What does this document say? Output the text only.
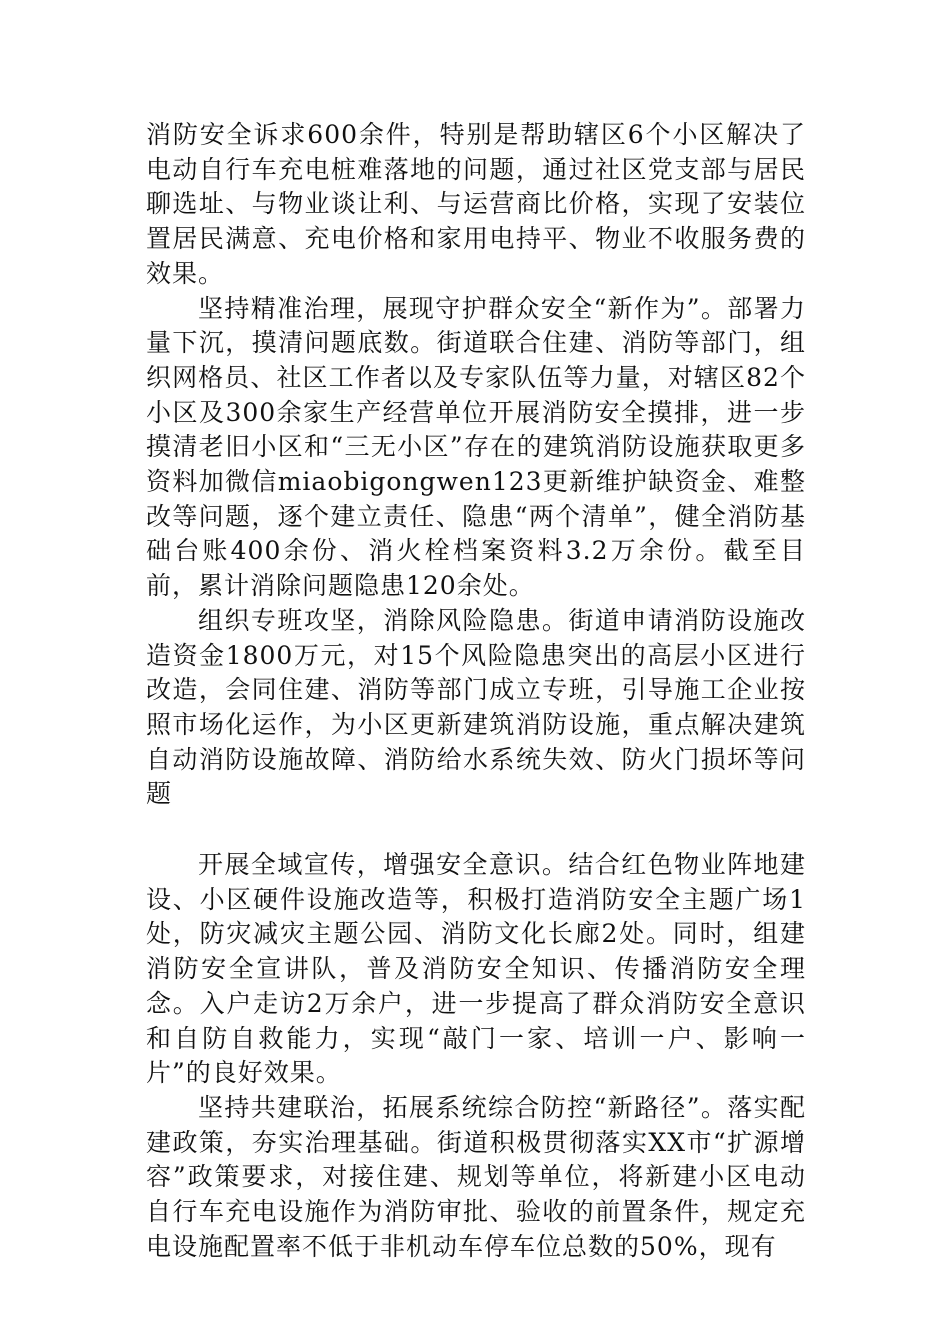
消防安全诉求600余件，特别是帮助辖区6个小区解决了电动自行车充电桩难落地的问题，通过社区党支部与居民聊选址、与物业谈让利、与运营商比价格，实现了安装位置居民满意、充电价格和家用电持平、物业不收服务费的效果。

坚持精准治理，展现守护群众安全“新作为”。部署力量下沉，摸清问题底数。街道联合住建、消防等部门，组织网格员、社区工作者以及专家队伍等力量，对辖区82个小区及300余家生产经营单位开展消防安全摸排，进一步摸清老旧小区和“三无小区”存在的建筑消防设施获取更多资料加微信miaobigongwen123更新维护缺资金、难整改等问题，逐个建立责任、隐患“两个清单”，健全消防基础台账400余份、消火栓档案资料3.2万余份。截至目前，累计消除问题隐患120余处。

组织专班攻坚，消除风险隐患。街道申请消防设施改造资金1800万元，对15个风险隐患突出的高层小区进行改造，会同住建、消防等部门成立专班，引导施工企业按照市场化运作，为小区更新建筑消防设施，重点解决建筑自动消防设施故障、消防给水系统失效、防火门损坏等问题

开展全域宣传，增强安全意识。结合红色物业阵地建设、小区硬件设施改造等，积极打造消防安全主题广场1处，防灾减灾主题公园、消防文化长廊2处。同时，组建消防安全宣讲队，普及消防安全知识、传播消防安全理念。入户走访2万余户，进一步提高了群众消防安全意识和自防自救能力，实现“敲门一家、培训一户、影响一片”的良好效果。

坚持共建联治，拓展系统综合防控“新路径”。落实配建政策，夯实治理基础。街道积极贯彻落实XX市“扩源增容”政策要求，对接住建、规划等单位，将新建小区电动自行车充电设施作为消防审批、验收的前置条件，规定充电设施配置率不低于非机动车停车位总数的50%，现有
